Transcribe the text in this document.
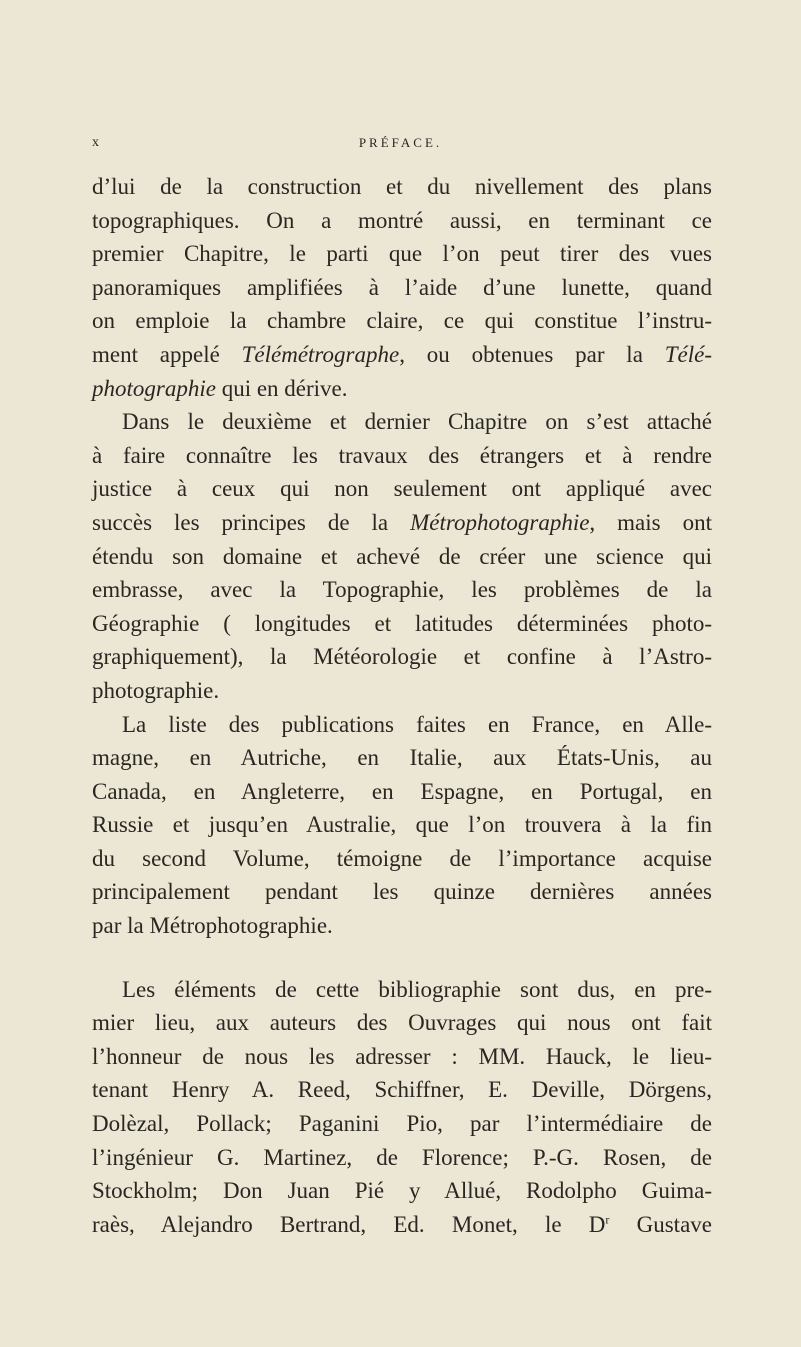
x	PRÉFACE.
d’lui de la construction et du nivellement des plans
topographiques. On a montré aussi, en terminant ce
premier Chapitre, le parti que l’on peut tirer des vues
panoramiques amplifiées à l’aide d’une lunette, quand
on emploie la chambre claire, ce qui constitue l’instru-
ment appelé Télémétrographe, ou obtenues par la Télé-
photographie qui en dérive.
Dans le deuxième et dernier Chapitre on s’est attaché
à faire connaître les travaux des étrangers et à rendre
justice à ceux qui non seulement ont appliqué avec
succès les principes de la Métrophotographie, mais ont
étendu son domaine et achevé de créer une science qui
embrasse, avec la Topographie, les problèmes de la
Géographie ( longitudes et latitudes déterminées photo-
graphiquement), la Météorologie et confine à l’Astro-
photographie.
La liste des publications faites en France, en Alle-
magne, en Autriche, en Italie, aux États-Unis, au
Canada, en Angleterre, en Espagne, en Portugal, en
Russie et jusqu’en Australie, que l’on trouvera à la fin
du second Volume, témoigne de l’importance acquise
principalement pendant les quinze dernières années
par la Métrophotographie.
Les éléments de cette bibliographie sont dus, en pre-
mier lieu, aux auteurs des Ouvrages qui nous ont fait
l’honneur de nous les adresser : MM. Hauck, le lieu-
tenant Henry A. Reed, Schiffner, E. Deville, Dörgens,
Dolèzal, Pollack; Paganini Pio, par l’intermédiaire de
l’ingénieur G. Martinez, de Florence; P.-G. Rosen, de
Stockholm; Don Juan Pié y Allué, Rodolpho Guima-
raès, Alejandro Bertrand, Ed. Monet, le $D^r$ Gustave
